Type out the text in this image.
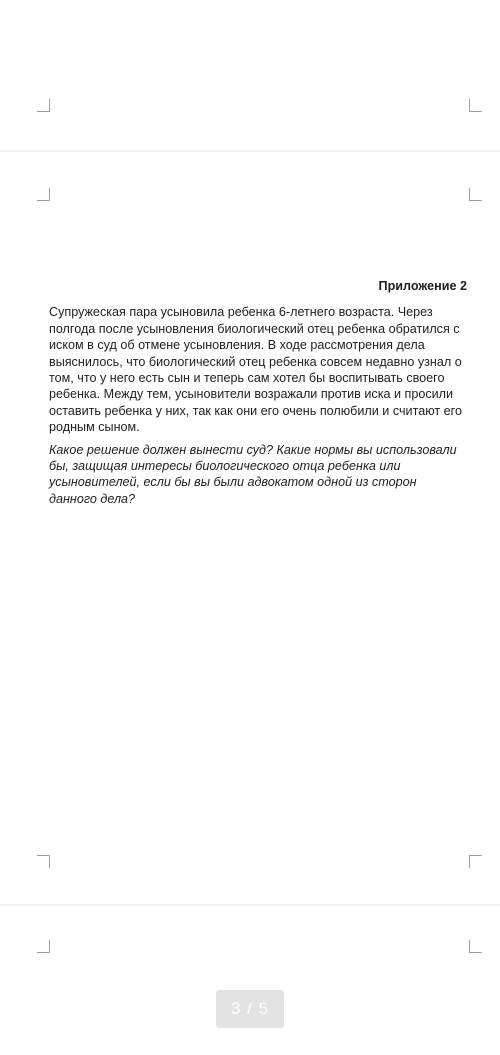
Приложение 2

Супружеская пара усыновила ребенка 6-летнего возраста. Через полгода после усыновления биологический отец ребенка обратился с иском в суд об отмене усыновления. В ходе рассмотрения дела выяснилось, что биологический отец ребенка совсем недавно узнал о том, что у него есть сын и теперь сам хотел бы воспитывать своего ребенка. Между тем, усыновители возражали против иска и просили оставить ребенка у них, так как они его очень полюбили и считают его родным сыном.

Какое решение должен вынести суд? Какие нормы вы использовали бы, защищая интересы биологического отца ребенка или усыновителей, если бы вы были адвокатом одной из сторон данного дела?

3 / 5
